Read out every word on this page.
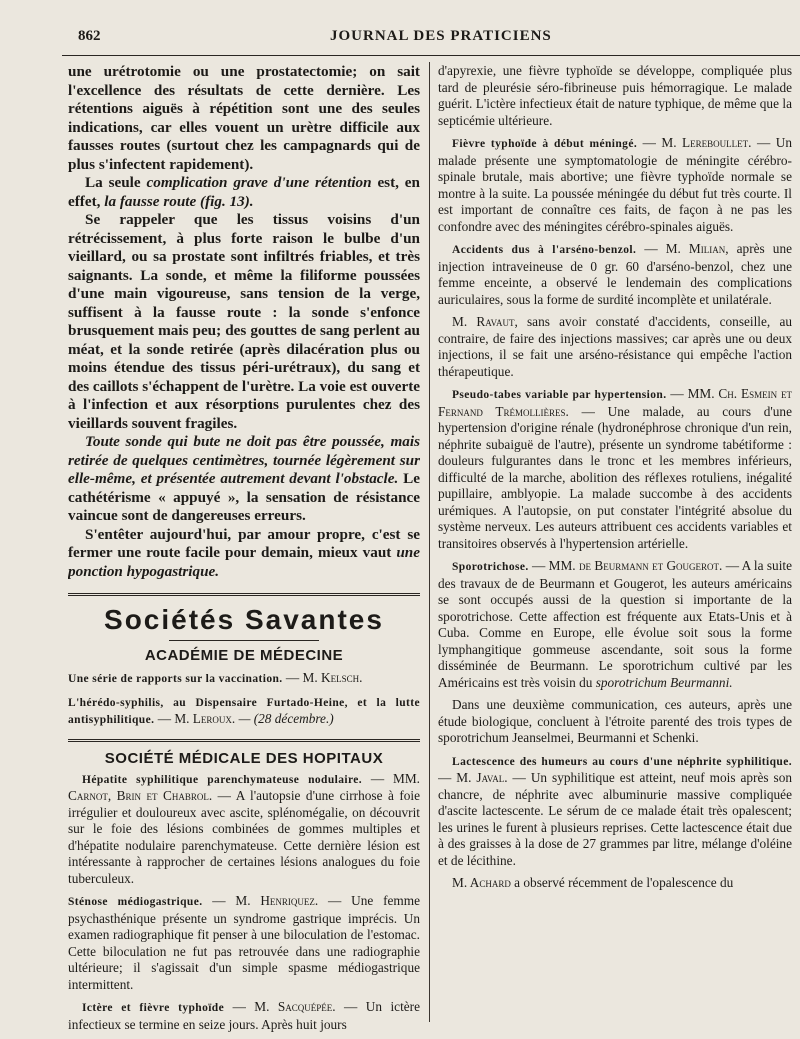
862	JOURNAL DES PRATICIENS

une urétrotomie ou une prostatectomie; on sait l'excellence des résultats de cette dernière. Les rétentions aiguës à répétition sont une des seules indications, car elles vouent un urètre difficile aux fausses routes (surtout chez les campagnards qui de plus s'infectent rapidement).

La seule complication grave d'une rétention est, en effet, la fausse route (fig. 13).

Se rappeler que les tissus voisins d'un rétrécissement, à plus forte raison le bulbe d'un vieillard, ou sa prostate sont infiltrés friables, et très saignants. La sonde, et même la filiforme poussées d'une main vigoureuse, sans tension de la verge, suffisent à la fausse route : la sonde s'enfonce brusquement mais peu; des gouttes de sang perlent au méat, et la sonde retirée (après dilacération plus ou moins étendue des tissus péri-urétraux), du sang et des caillots s'échappent de l'urètre. La voie est ouverte à l'infection et aux résorptions purulentes chez des vieillards souvent fragiles.

Toute sonde qui bute ne doit pas être poussée, mais retirée de quelques centimètres, tournée légèrement sur elle-même, et présentée autrement devant l'obstacle. Le cathétérisme « appuyé », la sensation de résistance vaincue sont de dangereuses erreurs.

S'entêter aujourd'hui, par amour propre, c'est se fermer une route facile pour demain, mieux vaut une ponction hypogastrique.

Sociétés Savantes
ACADÉMIE DE MÉDECINE

Une série de rapports sur la vaccination. — M. Kelsch.

L'hérédo-syphilis, au Dispensaire Furtado-Heine, et la lutte antisyphilitique. — M. Leroux. — (28 décembre.)

SOCIÉTÉ MÉDICALE DES HOPITAUX

Hépatite syphilitique parenchymateuse nodulaire. — MM. Carnot, Brin et Chabrol. — A l'autopsie d'une cirrhose à foie irrégulier et douloureux avec ascite, splénomégalie, on découvrit sur le foie des lésions combinées de gommes multiples et d'hépatite nodulaire parenchymateuse. Cette dernière lésion est intéressante à rapprocher de certaines lésions analogues du foie tuberculeux.

Sténose médiogastrique. — M. Henriquez. — Une femme psychasthénique présente un syndrome gastrique imprécis. Un examen radiographique fit penser à une biloculation de l'estomac. Cette biloculation ne fut pas retrouvée dans une radiographie ultérieure; il s'agissait d'un simple spasme médiogastrique intermittent.

Ictère et fièvre typhoïde — M. Sacquépée. — Un ictère infectieux se termine en seize jours. Après huit jours

d'apyrexie, une fièvre typhoïde se développe, compliquée plus tard de pleurésie séro-fibrineuse puis hémorragique. Le malade guérit. L'ictère infectieux était de nature typhique, de même que la septicémie ultérieure.

Fièvre typhoïde à début méningé. — M. Lereboullet. — Un malade présente une symptomatologie de méningite cérébro-spinale brutale, mais abortive; une fièvre typhoïde normale se montre à la suite. La poussée méningée du début fut très courte. Il est important de connaître ces faits, de façon à ne pas les confondre avec des méningites cérébro-spinales aiguës.

Accidents dus à l'arséno-benzol. — M. Milian, après une injection intraveineuse de 0 gr. 60 d'arséno-benzol, chez une femme enceinte, a observé le lendemain des complications auriculaires, sous la forme de surdité incomplète et unilatérale.

M. Ravaut, sans avoir constaté d'accidents, conseille, au contraire, de faire des injections massives; car après une ou deux injections, il se fait une arséno-résistance qui empêche l'action thérapeutique.

Pseudo-tabes variable par hypertension. — MM. Ch. Esmein et Fernand Trémollières. — Une malade, au cours d'une hypertension d'origine rénale (hydronéphrose chronique d'un rein, néphrite subaiguë de l'autre), présente un syndrome tabétiforme : douleurs fulgurantes dans le tronc et les membres inférieurs, difficulté de la marche, abolition des réflexes rotuliens, inégalité pupillaire, amblyopie. La malade succombe à des accidents urémiques. A l'autopsie, on put constater l'intégrité absolue du système nerveux. Les auteurs attribuent ces accidents variables et transitoires observés à l'hypertension artérielle.

Sporotrichose. — MM. de Beurmann et Gougerot. — A la suite des travaux de de Beurmann et Gougerot, les auteurs américains se sont occupés aussi de la question si importante de la sporotrichose. Cette affection est fréquente aux Etats-Unis et à Cuba. Comme en Europe, elle évolue soit sous la forme lymphangitique gommeuse ascendante, soit sous la forme disséminée de Beurmann. Le sporotrichum cultivé par les Américains est très voisin du sporotrichum Beurmanni.

Dans une deuxième communication, ces auteurs, après une étude biologique, concluent à l'étroite parenté des trois types de sporotrichum Jeanselmei, Beurmanni et Schenki.

Lactescence des humeurs au cours d'une néphrite syphilitique. — M. Javal. — Un syphilitique est atteint, neuf mois après son chancre, de néphrite avec albuminurie massive compliquée d'ascite lactescente. Le sérum de ce malade était très opalescent; les urines le furent à plusieurs reprises. Cette lactescence était due à des graisses à la dose de 27 grammes par litre, mélange d'oléine et de lécithine.

M. Achard a observé récemment de l'opalescence du
